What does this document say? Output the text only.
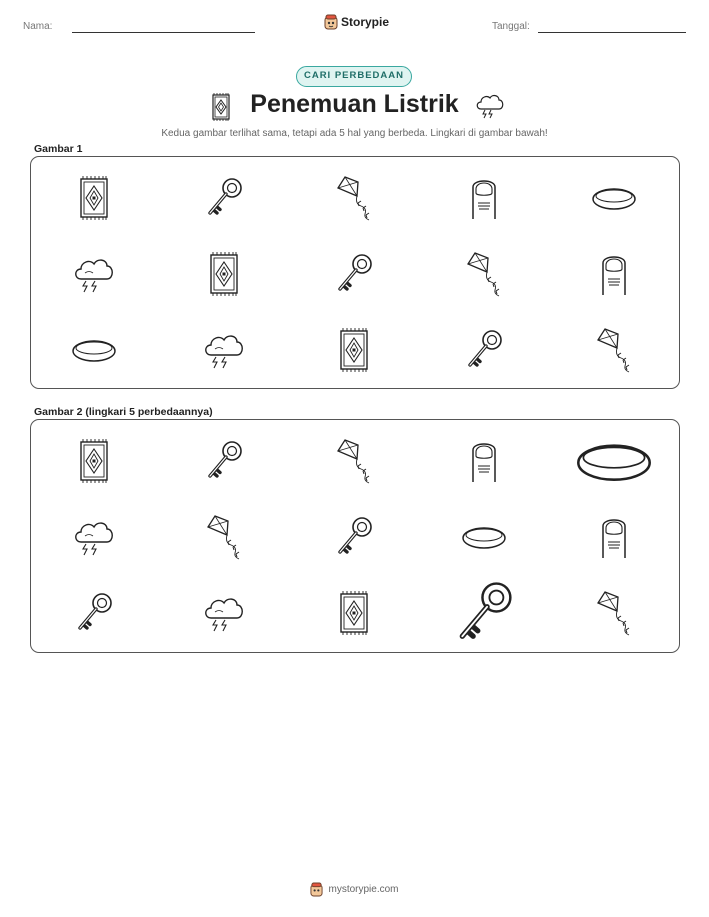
Nama:	Storypie	Tanggal:
CARI PERBEDAAN
Penemuan Listrik
Kedua gambar terlihat sama, tetapi ada 5 hal yang berbeda. Lingkari di gambar bawah!
Gambar 1
Gambar 2 (lingkari 5 perbedaannya)
mystorypie.com
